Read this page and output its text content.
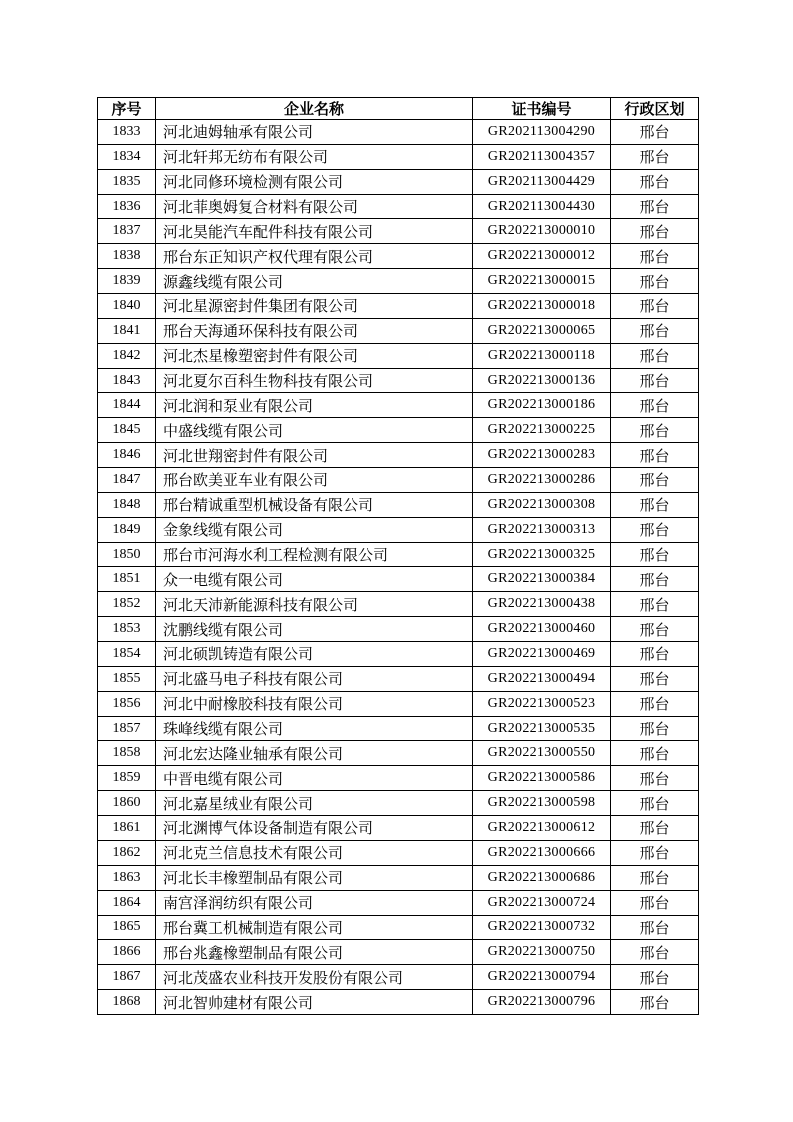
序号	企业名称	证书编号	行政区划
1833	河北迪姆轴承有限公司	GR202113004290	邢台
1834	河北轩邦无纺布有限公司	GR202113004357	邢台
1835	河北同修环境检测有限公司	GR202113004429	邢台
1836	河北菲奥姆复合材料有限公司	GR202113004430	邢台
1837	河北昊能汽车配件科技有限公司	GR202213000010	邢台
1838	邢台东正知识产权代理有限公司	GR202213000012	邢台
1839	源鑫线缆有限公司	GR202213000015	邢台
1840	河北星源密封件集团有限公司	GR202213000018	邢台
1841	邢台天海通环保科技有限公司	GR202213000065	邢台
1842	河北杰星橡塑密封件有限公司	GR202213000118	邢台
1843	河北夏尔百科生物科技有限公司	GR202213000136	邢台
1844	河北润和泵业有限公司	GR202213000186	邢台
1845	中盛线缆有限公司	GR202213000225	邢台
1846	河北世翔密封件有限公司	GR202213000283	邢台
1847	邢台欧美亚车业有限公司	GR202213000286	邢台
1848	邢台精诚重型机械设备有限公司	GR202213000308	邢台
1849	金象线缆有限公司	GR202213000313	邢台
1850	邢台市河海水利工程检测有限公司	GR202213000325	邢台
1851	众一电缆有限公司	GR202213000384	邢台
1852	河北天沛新能源科技有限公司	GR202213000438	邢台
1853	沈鹏线缆有限公司	GR202213000460	邢台
1854	河北硕凯铸造有限公司	GR202213000469	邢台
1855	河北盛马电子科技有限公司	GR202213000494	邢台
1856	河北中耐橡胶科技有限公司	GR202213000523	邢台
1857	珠峰线缆有限公司	GR202213000535	邢台
1858	河北宏达隆业轴承有限公司	GR202213000550	邢台
1859	中晋电缆有限公司	GR202213000586	邢台
1860	河北嘉星绒业有限公司	GR202213000598	邢台
1861	河北渊博气体设备制造有限公司	GR202213000612	邢台
1862	河北克兰信息技术有限公司	GR202213000666	邢台
1863	河北长丰橡塑制品有限公司	GR202213000686	邢台
1864	南宫泽润纺织有限公司	GR202213000724	邢台
1865	邢台冀工机械制造有限公司	GR202213000732	邢台
1866	邢台兆鑫橡塑制品有限公司	GR202213000750	邢台
1867	河北茂盛农业科技开发股份有限公司	GR202213000794	邢台
1868	河北智帅建材有限公司	GR202213000796	邢台
